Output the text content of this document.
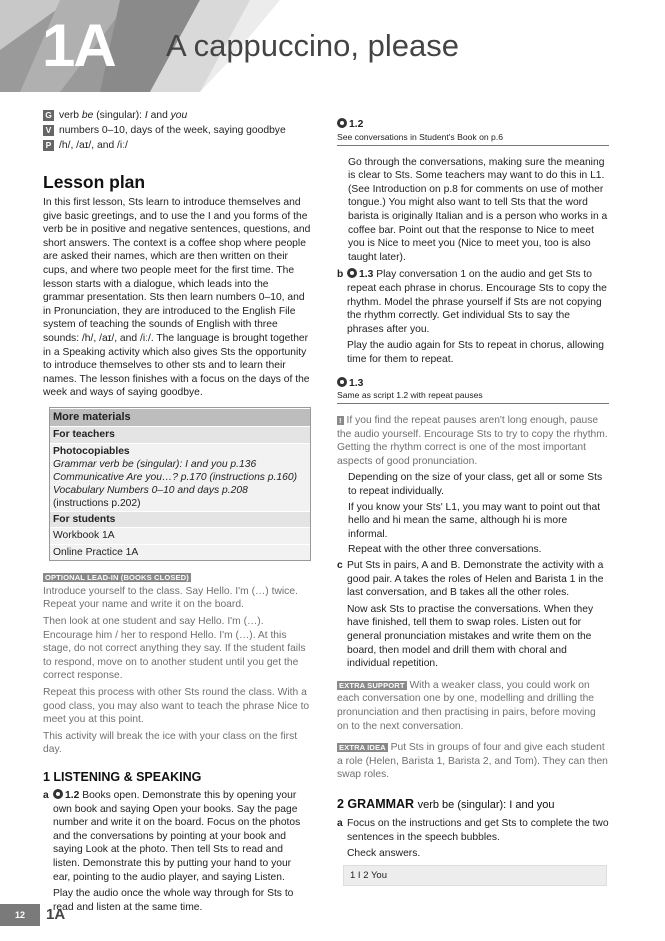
1A A cappuccino, please
G verb be (singular): I and you
V numbers 0–10, days of the week, saying goodbye
P /h/, /aɪ/, and /iː/
Lesson plan
In this first lesson, Sts learn to introduce themselves and give basic greetings, and to use the I and you forms of the verb be in positive and negative sentences, questions, and short answers. The context is a coffee shop where people are asked their names, which are then written on their cups, and where two people meet for the first time. The lesson starts with a dialogue, which leads into the grammar presentation. Sts then learn numbers 0–10, and in Pronunciation, they are introduced to the English File system of teaching the sounds of English with three sounds: /h/, /aɪ/, and /iː/. The language is brought together in a Speaking activity which also gives Sts the opportunity to introduce themselves to other sts and to learn their names. The lesson finishes with a focus on the days of the week and ways of saying goodbye.
More materials
For teachers
Photocopiables
Grammar verb be (singular): I and you p.136
Communicative Are you…? p.170 (instructions p.160)
Vocabulary Numbers 0–10 and days p.208
(instructions p.202)
For students
Workbook 1A
Online Practice 1A
OPTIONAL LEAD-IN (BOOKS CLOSED)

Introduce yourself to the class. Say Hello. I'm (…) twice. Repeat your name and write it on the board.

Then look at one student and say Hello. I'm (…). Encourage him / her to respond Hello. I'm (…). At this stage, do not correct anything they say. If the student fails to respond, move on to another student until you get the correct response.

Repeat this process with other Sts round the class. With a good class, you may also want to teach the phrase Nice to meet you at this point.

This activity will break the ice with your class on the first day.

1 LISTENING & SPEAKING
a 1.2 Books open. Demonstrate this by opening your own book and saying Open your books. Say the page number and write it on the board. Focus on the photos and the conversations by pointing at your book and saying Look at the photo. Then tell Sts to read and listen. Demonstrate this by putting your hand to your ear, pointing to the audio player, and saying Listen.

Play the audio once the whole way through for Sts to read and listen at the same time.

1.2
See conversations in Student's Book on p.6

Go through the conversations, making sure the meaning is clear to Sts. Some teachers may want to do this in L1. (See Introduction on p.8 for comments on use of mother tongue.) You might also want to tell Sts that the word barista is originally Italian and is a person who works in a coffee bar. Point out that the response to Nice to meet you is Nice to meet you (Nice to meet you, too is also taught later).

b 1.3 Play conversation 1 on the audio and get Sts to repeat each phrase in chorus. Encourage Sts to copy the rhythm. Model the phrase yourself if Sts are not copying the rhythm correctly. Get individual Sts to say the phrases after you.

Play the audio again for Sts to repeat in chorus, allowing time for them to repeat.

1.3
Same as script 1.2 with repeat pauses
! If you find the repeat pauses aren't long enough, pause the audio yourself. Encourage Sts to try to copy the rhythm. Getting the rhythm correct is one of the most important aspects of good pronunciation.

Depending on the size of your class, get all or some Sts to repeat individually.

If you know your Sts' L1, you may want to point out that hello and hi mean the same, although hi is more informal.

Repeat with the other three conversations.

c Put Sts in pairs, A and B. Demonstrate the activity with a good pair. A takes the roles of Helen and Barista 1 in the last conversation, and B takes all the other roles.

Now ask Sts to practise the conversations. When they have finished, tell them to swap roles. Listen out for general pronunciation mistakes and write them on the board, then model and drill them with choral and individual repetition.

EXTRA SUPPORT With a weaker class, you could work on each conversation one by one, modelling and drilling the pronunciation and then practising in pairs, before moving on to the next conversation.
EXTRA IDEA Put Sts in groups of four and give each student a role (Helen, Barista 1, Barista 2, and Tom). They can then swap roles.
2 GRAMMAR verb be (singular): I and you
a Focus on the instructions and get Sts to complete the two sentences in the speech bubbles.

Check answers.

1 I 2 You
12	1A
